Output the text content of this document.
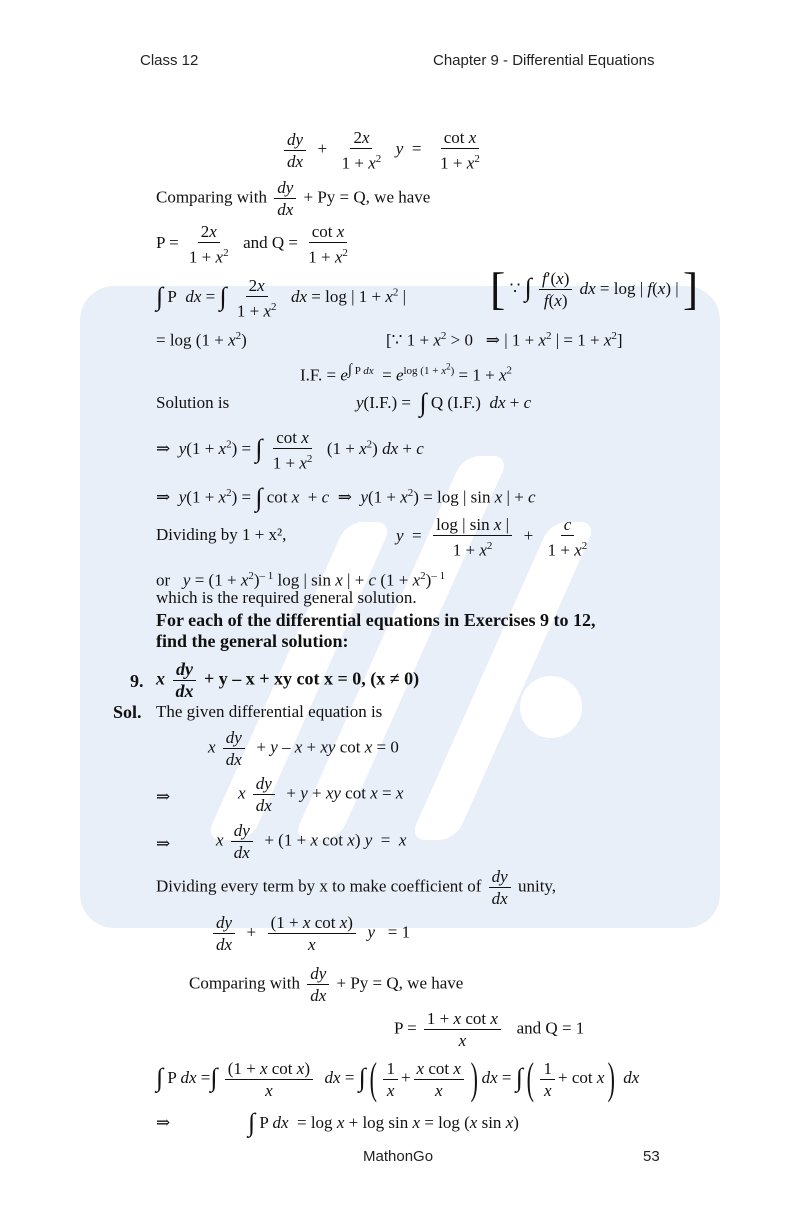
Class 12	Chapter 9 - Differential Equations
$\frac{dy}{dx} + \frac{2x}{1 + x^2}$ $y = \frac{\text{cot x}}{1 + x^2}$
Comparing with $\frac{dy}{dx} + Py = Q$, we have
$P = \frac{2x}{1 + x^2}$ and $Q = \frac{\text{cot x}}{1 + x^2}$
∫ P  dx = ∫ $\frac{2x}{1 + x^2}$ dx = log | $1 + x^2$ | [ ∵ ∫ $\frac{f'(x)}{f(x)}$ dx = log | f(x) | ]
= $\log (1 + x^2)$	[∵ $1 + x^2 > 0$   ⇒ | $1 + x^2$ | = $1 + x^2$]
I.F. = $e^{\int P dx} = e^{log (1 + x^2)} = 1 + x^2$
Solution is	y(I.F.) =  ∫ Q (I.F.)  dx + c
⇒  $y(1 + x^2)$ = ∫ $\frac{\text{cot x}}{1 + x^2} (1 + x^2)$ dx + c
⇒  $y(1 + x^2)$ = ∫ cot x  + c  ⇒  $y(1 + x^2) = \log$ | sin x | + c
Dividing by 1 + x²,	$y = \frac{\text{log | sin x |}}{1 + x^2} + \frac{c}{1 + x^2}$
or   $y = (1 + x^2)^{- 1}$ log | sin x | + c $(1 + x^2)^{- 1}$
which is the required general solution.
For each of the differential equations in Exercises 9 to 12,
find the general solution:
9. x $\frac{dy}{dx} + y - x$ + xy cot x = 0, (x ≠ 0)
Sol. The given differential equation is
x $\frac{dy}{dx} + y - x$ + xy cot x = 0
⇒	x $\frac{dy}{dx} + y$ + xy cot x = x
⇒	x $\frac{dy}{dx} + (1 + x$ cot x) y  =  x
Dividing every term by x to make coefficient of $\frac{dy}{dx}$ unity,
$\frac{dy}{dx} + \frac{\text{(1 + x cot x)}}{x}$ y   = 1
Comparing with $\frac{dy}{dx} + Py = Q$, we have
$P = \frac{\text{1 + x cot x}}{x}$ and Q = 1
∫ P dx =∫ $\frac{\text{(1 + x cot x)}}{x}$ dx = ∫( $\frac{1}{x} + \frac{\text{x cot x}}{x}$ ) dx = ∫( $\frac{1}{x} + \cot x$) dx
⇒	∫ P dx  = log x + log sin x = log (x sin x)
MathonGo	53
